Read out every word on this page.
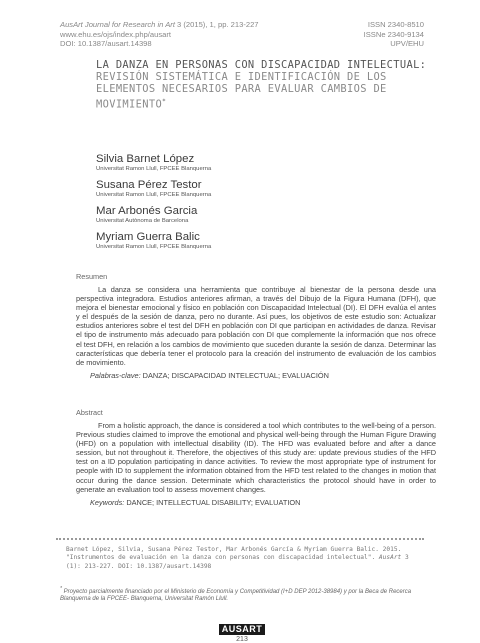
AusArt Journal for Research in Art 3 (2015), 1, pp. 213-227
www.ehu.es/ojs/index.php/ausart
DOI: 10.1387/ausart.14398
ISSN 2340-8510
ISSNe 2340-9134
UPV/EHU
LA DANZA EN PERSONAS CON DISCAPACIDAD INTELECTUAL: REVISIÓN SISTEMÁTICA E IDENTIFICACIÓN DE LOS ELEMENTOS NECESARIOS PARA EVALUAR CAMBIOS DE MOVIMIENTO*
Silvia Barnet López
Universitat Ramon Llull, FPCEE Blanquerna
Susana Pérez Testor
Universitat Ramon Llull, FPCEE Blanquerna
Mar Arbonés Garcia
Universitat Autònoma de Barcelona
Myriam Guerra Balic
Universitat Ramon Llull, FPCEE Blanquerna
Resumen

La danza se considera una herramienta que contribuye al bienestar de la persona desde una perspectiva integradora. Estudios anteriores afirman, a través del Dibujo de la Figura Humana (DFH), que mejora el bienestar emocional y físico en población con Discapacidad Intelectual (DI). El DFH evalúa el antes y el después de la sesión de danza, pero no durante. Así pues, los objetivos de este estudio son: Actualizar estudios anteriores sobre el test del DFH en población con DI que participan en actividades de danza. Revisar el tipo de instrumento más adecuado para población con DI que complemente la información que nos ofrece el test DFH, en relación a los cambios de movimiento que suceden durante la sesión de danza. Determinar las características que debería tener el protocolo para la creación del instrumento de evaluación de los cambios de movimiento.

Palabras-clave: DANZA; DISCAPACIDAD INTELECTUAL; EVALUACIÓN
Abstract

From a holistic approach, the dance is considered a tool which contributes to the well-being of a person. Previous studies claimed to improve the emotional and physical well-being through the Human Figure Drawing (HFD) on a population with intellectual disability (ID). The HFD was evaluated before and after a dance session, but not throughout it. Therefore, the objectives of this study are: update previous studies of the HFD test on a ID population participating in dance activities. To review the most appropriate type of instrument for people with ID to supplement the information obtained from the HFD test related to the changes in motion that occur during the dance session. Determinate which characteristics the protocol should have in order to generate an evaluation tool to assess movement changes.

Keywords: DANCE; INTELLECTUAL DISABILITY; EVALUATION
Barnet López, Silvia, Susana Pérez Testor, Mar Arbonés García & Myriam Guerra Balic. 2015. "Instrumentos de evaluación en la danza con personas con discapacidad intelectual". AusArt 3 (1): 213-227. DOI: 10.1387/ausart.14398
* Proyecto parcialmente financiado por el Ministerio de Economía y Competitividad (I+D DEP 2012-38984) y por la Beca de Recerca Blanquerna de la FPCEE- Blanquerna, Universitat Ramón Llull.
AUSART
213
